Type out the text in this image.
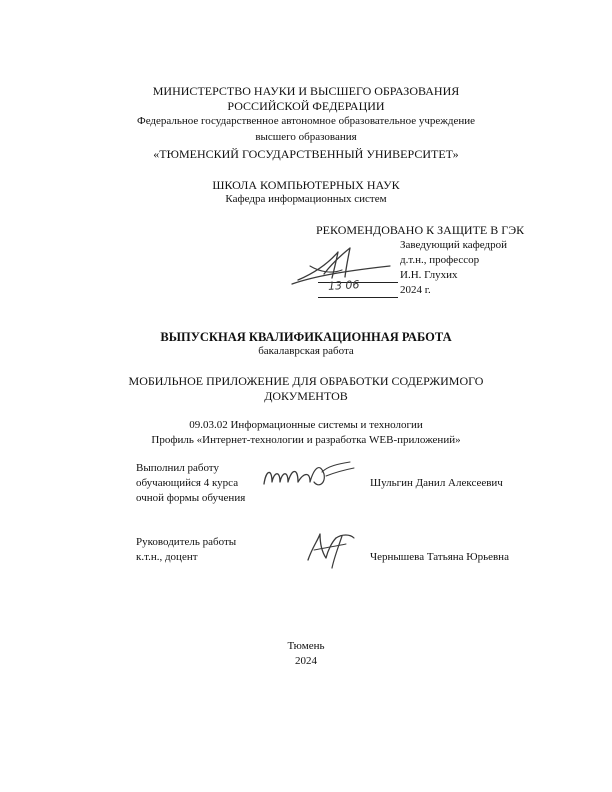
МИНИСТЕРСТВО НАУКИ И ВЫСШЕГО ОБРАЗОВАНИЯ
РОССИЙСКОЙ ФЕДЕРАЦИИ
Федеральное государственное автономное образовательное учреждение
высшего образования
«ТЮМЕНСКИЙ ГОСУДАРСТВЕННЫЙ УНИВЕРСИТЕТ»
ШКОЛА КОМПЬЮТЕРНЫХ НАУК
Кафедра информационных систем
РЕКОМЕНДОВАНО К ЗАЩИТЕ В ГЭК
Заведующий кафедрой
д.т.н., профессор
И.Н. Глухих
2024 г.
13 06
ВЫПУСКНАЯ КВАЛИФИКАЦИОННАЯ РАБОТА
бакалаврская работа
МОБИЛЬНОЕ ПРИЛОЖЕНИЕ ДЛЯ ОБРАБОТКИ СОДЕРЖИМОГО
ДОКУМЕНТОВ
09.03.02 Информационные системы и технологии
Профиль «Интернет-технологии и разработка WEB-приложений»
Выполнил работу
обучающийся 4 курса
очной формы обучения
Шульгин Данил Алексеевич
Руководитель работы
к.т.н., доцент	Чернышева Татьяна Юрьевна
Тюмень
2024
